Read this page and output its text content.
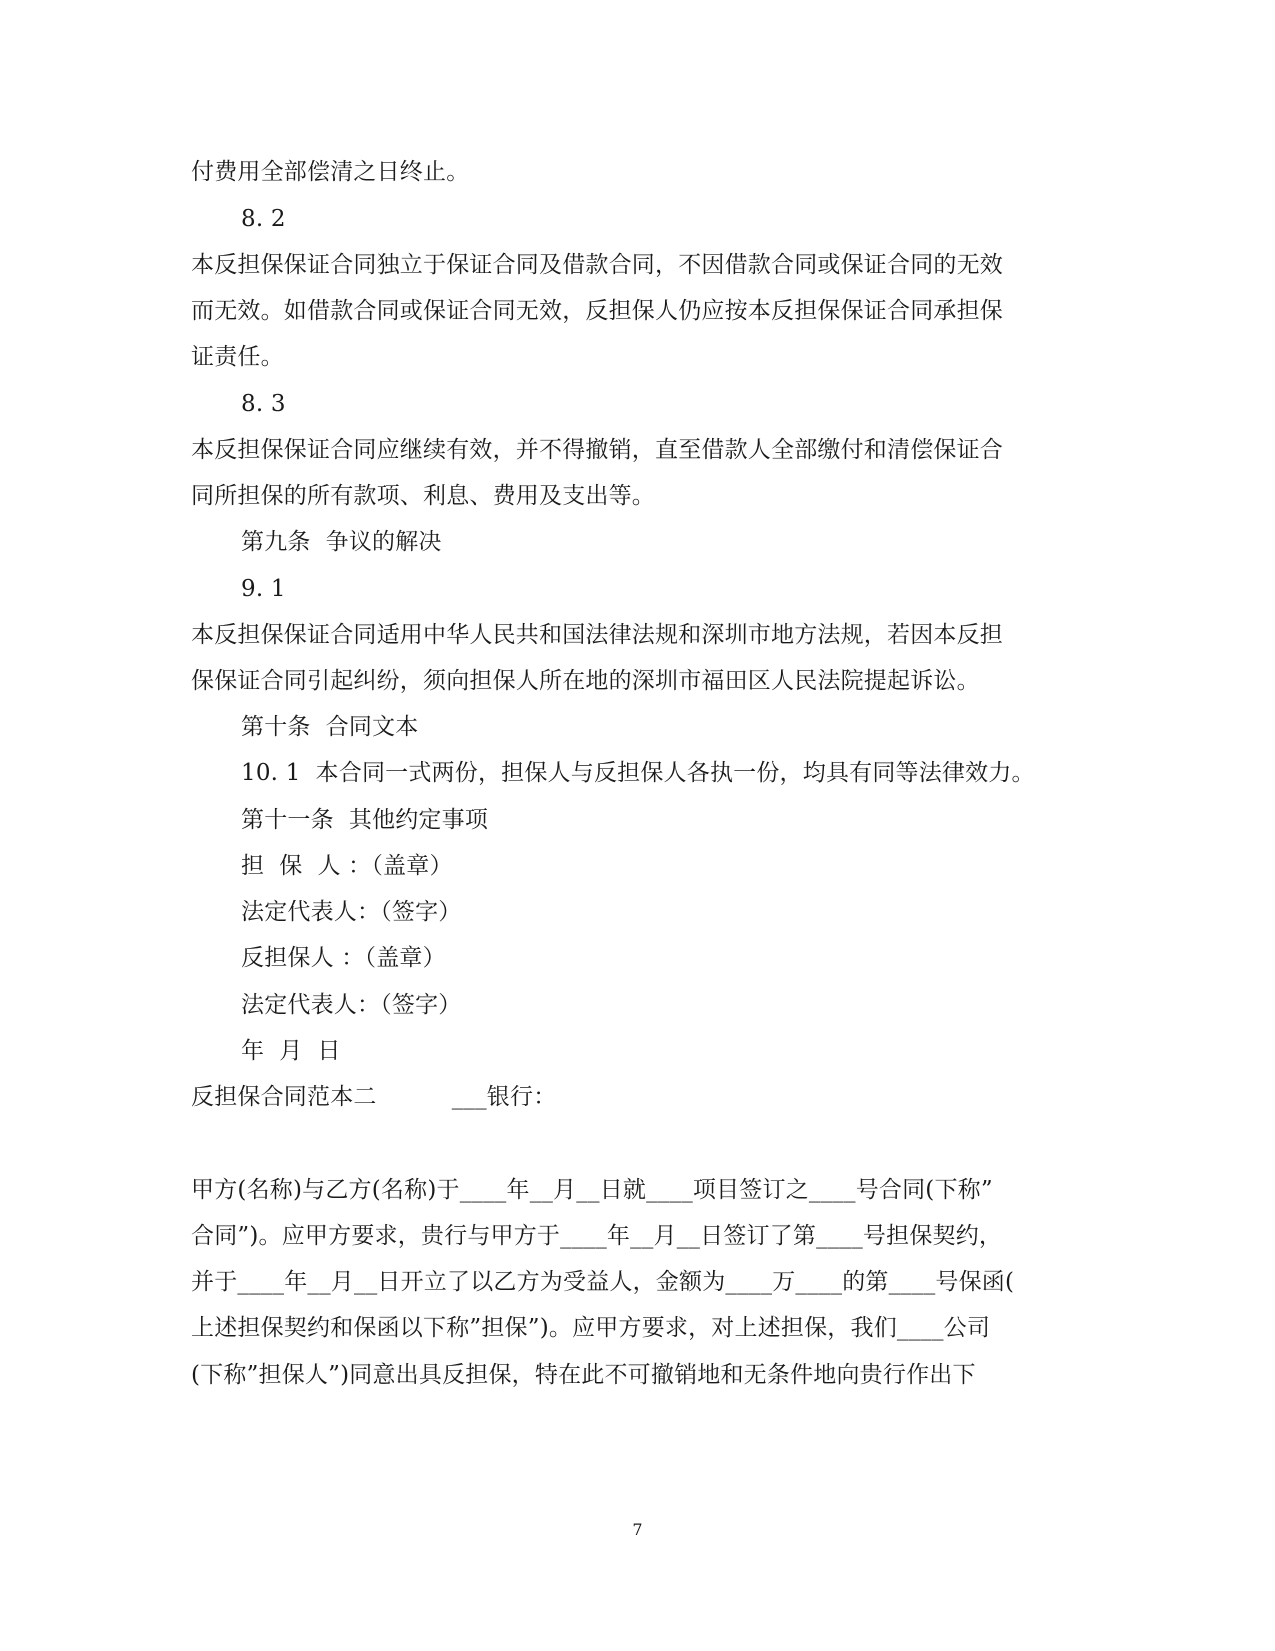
付费用全部偿清之日终止。
8. 2
本反担保保证合同独立于保证合同及借款合同，不因借款合同或保证合同的无效
而无效。如借款合同或保证合同无效，反担保人仍应按本反担保保证合同承担保
证责任。
8. 3
本反担保保证合同应继续有效，并不得撤销，直至借款人全部缴付和清偿保证合
同所担保的所有款项、利息、费用及支出等。
第九条  争议的解决
9. 1
本反担保保证合同适用中华人民共和国法律法规和深圳市地方法规，若因本反担
保保证合同引起纠纷，须向担保人所在地的深圳市福田区人民法院提起诉讼。
第十条  合同文本
10. 1  本合同一式两份，担保人与反担保人各执一份，均具有同等法律效力。
第十一条  其他约定事项
担  保  人 ：（盖章）
法定代表人：（签字）
反担保人 ：（盖章）
法定代表人：（签字）
年  月  日
反担保合同范本二          ___银行：
甲方(名称)与乙方(名称)于____年__月__日就____项目签订之____号合同(下称”
合同”)。应甲方要求，贵行与甲方于____年__月__日签订了第____号担保契约，
并于____年__月__日开立了以乙方为受益人，金额为____万____的第____号保函(
上述担保契约和保函以下称”担保”)。应甲方要求，对上述担保，我们____公司
(下称”担保人”)同意出具反担保，特在此不可撤销地和无条件地向贵行作出下
7
